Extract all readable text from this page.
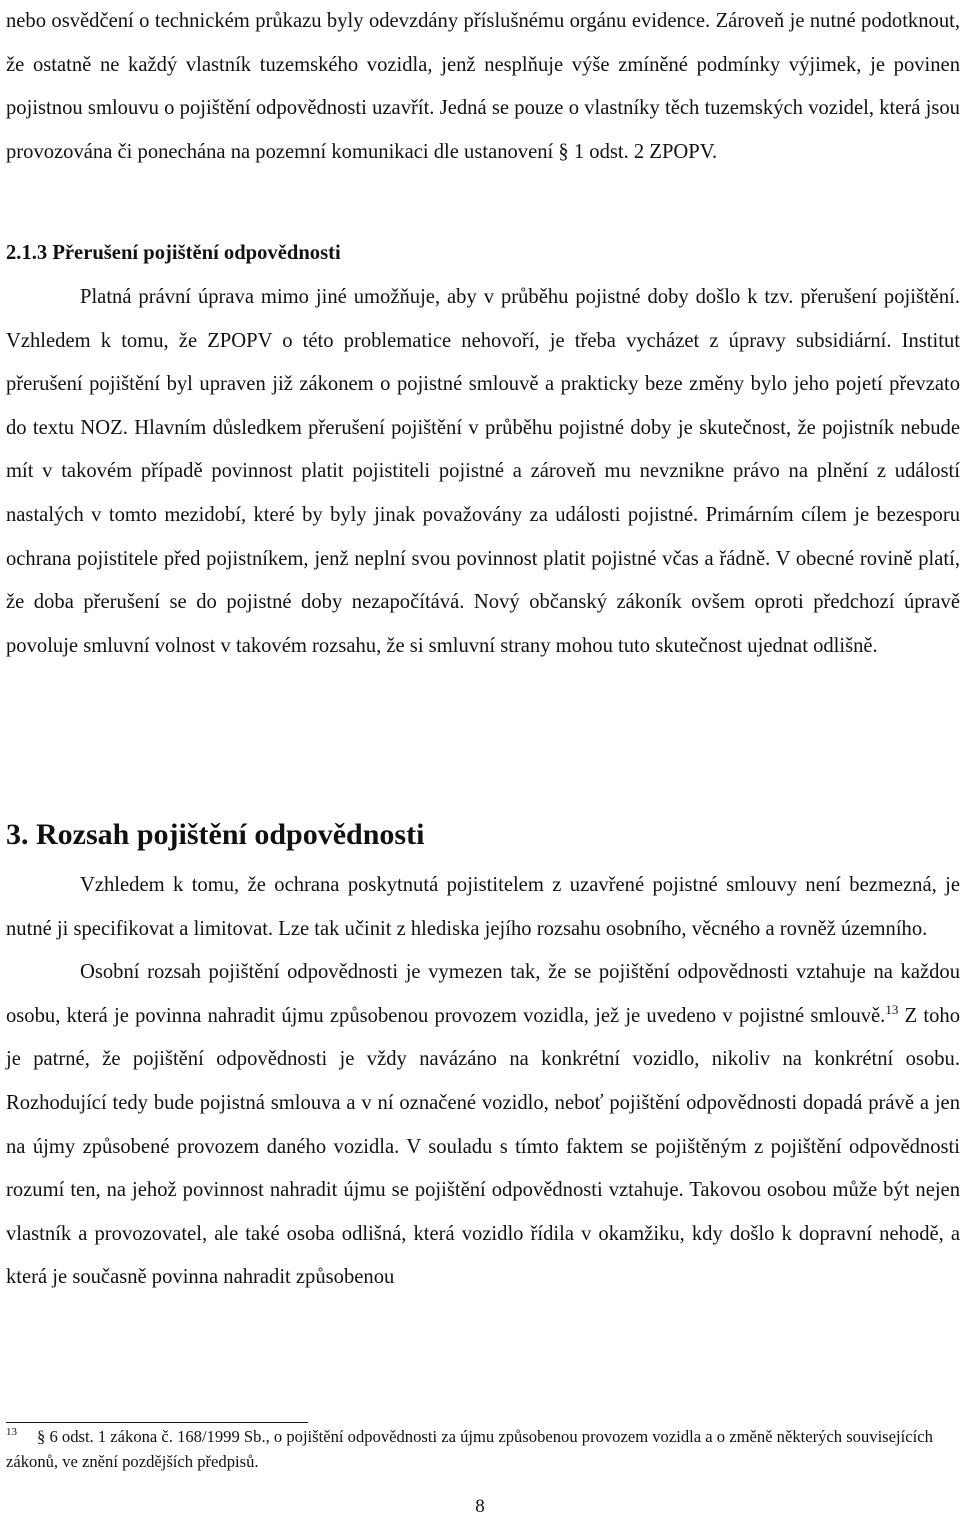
nebo osvědčení o technickém průkazu byly odevzdány příslušnému orgánu evidence. Zároveň je nutné podotknout, že ostatně ne každý vlastník tuzemského vozidla, jenž nesplňuje výše zmíněné podmínky výjimek, je povinen pojistnou smlouvu o pojištění odpovědnosti uzavřít. Jedná se pouze o vlastníky těch tuzemských vozidel, která jsou provozována či ponechána na pozemní komunikaci dle ustanovení § 1 odst. 2 ZPOPV.

2.1.3 Přerušení pojištění odpovědnosti

Platná právní úprava mimo jiné umožňuje, aby v průběhu pojistné doby došlo k tzv. přerušení pojištění. Vzhledem k tomu, že ZPOPV o této problematice nehovoří, je třeba vycházet z úpravy subsidiární. Institut přerušení pojištění byl upraven již zákonem o pojistné smlouvě a prakticky beze změny bylo jeho pojetí převzato do textu NOZ. Hlavním důsledkem přerušení pojištění v průběhu pojistné doby je skutečnost, že pojistník nebude mít v takovém případě povinnost platit pojistiteli pojistné a zároveň mu nevznikne právo na plnění z událostí nastalých v tomto mezidobí, které by byly jinak považovány za události pojistné. Primárním cílem je bezesporu ochrana pojistitele před pojistníkem, jenž neplní svou povinnost platit pojistné včas a řádně. V obecné rovině platí, že doba přerušení se do pojistné doby nezapočítává. Nový občanský zákoník ovšem oproti předchozí úpravě povoluje smluvní volnost v takovém rozsahu, že si smluvní strany mohou tuto skutečnost ujednat odlišně.

3. Rozsah pojištění odpovědnosti

Vzhledem k tomu, že ochrana poskytnutá pojistitelem z uzavřené pojistné smlouvy není bezmezná, je nutné ji specifikovat a limitovat. Lze tak učinit z hlediska jejího rozsahu osobního, věcného a rovněž územního.

Osobní rozsah pojištění odpovědnosti je vymezen tak, že se pojištění odpovědnosti vztahuje na každou osobu, která je povinna nahradit újmu způsobenou provozem vozidla, jež je uvedeno v pojistné smlouvě.$^{13}$ Z toho je patrné, že pojištění odpovědnosti je vždy navázáno na konkrétní vozidlo, nikoliv na konkrétní osobu. Rozhodující tedy bude pojistná smlouva a v ní označené vozidlo, neboť pojištění odpovědnosti dopadá právě a jen na újmy způsobené provozem daného vozidla. V souladu s tímto faktem se pojištěným z pojištění odpovědnosti rozumí ten, na jehož povinnost nahradit újmu se pojištění odpovědnosti vztahuje. Takovou osobou může být nejen vlastník a provozovatel, ale také osoba odlišná, která vozidlo řídila v okamžiku, kdy došlo k dopravní nehodě, a která je současně povinna nahradit způsobenou

$^{13}$ § 6 odst. 1 zákona č. 168/1999 Sb., o pojištění odpovědnosti za újmu způsobenou provozem vozidla a o změně některých souvisejících zákonů, ve znění pozdějších předpisů.

8
